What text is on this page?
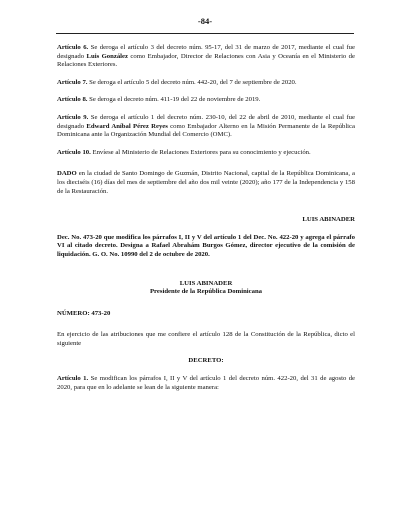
-84-

Artículo 6. Se deroga el artículo 3 del decreto núm. 95-17, del 31 de marzo de 2017, mediante el cual fue designado Luis González como Embajador, Director de Relaciones con Asia y Oceanía en el Ministerio de Relaciones Exteriores.

Artículo 7. Se deroga el artículo 5 del decreto núm. 442-20, del 7 de septiembre de 2020.

Artículo 8. Se deroga el decreto núm. 411-19 del 22 de noviembre de 2019.

Artículo 9. Se deroga el artículo 1 del decreto núm. 230-10, del 22 de abril de 2010, mediante el cual fue designado Edward Aníbal Pérez Reyes como Embajador Alterno en la Misión Permanente de la República Dominicana ante la Organización Mundial del Comercio (OMC).

Artículo 10. Envíese al Ministerio de Relaciones Exteriores para su conocimiento y ejecución.

DADO en la ciudad de Santo Domingo de Guzmán, Distrito Nacional, capital de la República Dominicana, a los dieciséis (16) días del mes de septiembre del año dos mil veinte (2020); año 177 de la Independencia y 158 de la Restauración.

LUIS ABINADER

Dec. No. 473-20 que modifica los párrafos I, II y V del artículo 1 del Dec. No. 422-20 y agrega el párrafo VI al citado decreto. Designa a Rafael Abrahám Burgos Gómez, director ejecutivo de la comisión de liquidación. G. O. No. 10990 del 2 de octubre de 2020.

LUIS ABINADER

Presidente de la República Dominicana

NÚMERO: 473-20

En ejercicio de las atribuciones que me confiere el artículo 128 de la Constitución de la República, dicto el siguiente

DECRETO:

Artículo 1. Se modifican los párrafos I, II y V del artículo 1 del decreto núm. 422-20, del 31 de agosto de 2020, para que en lo adelante se lean de la siguiente manera:
